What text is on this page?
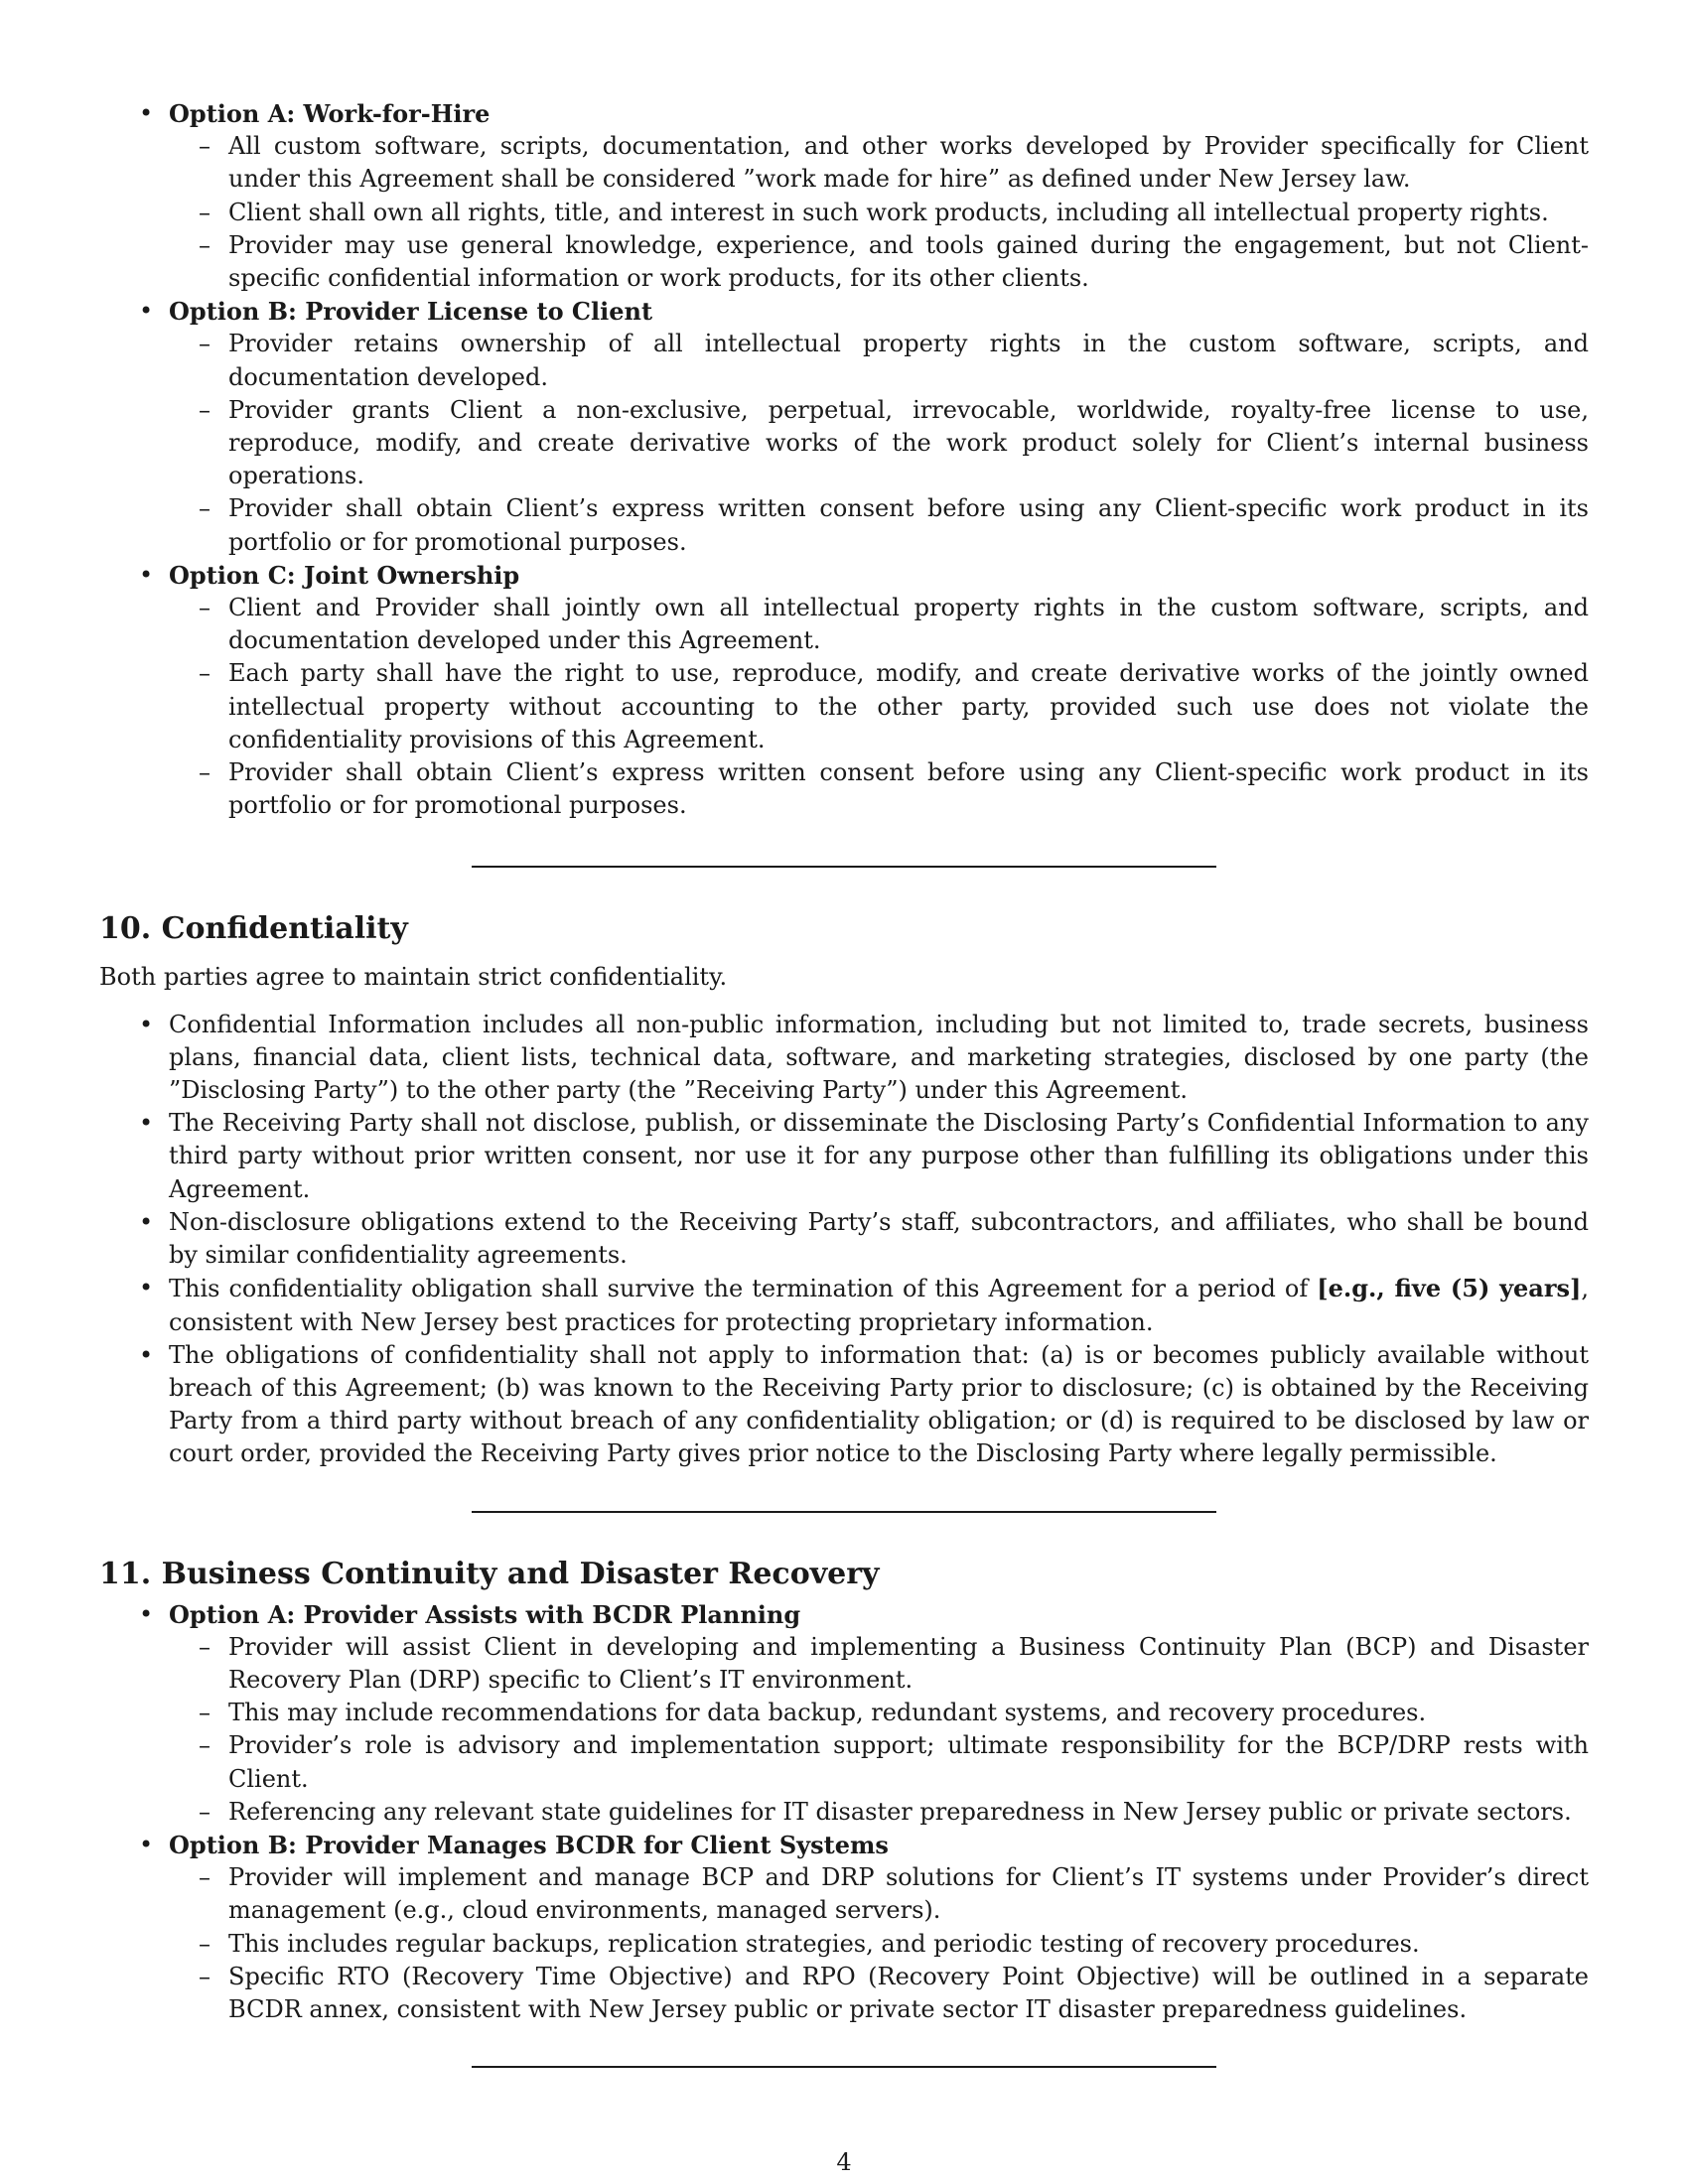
• Option A: Work-for-Hire
– All custom software, scripts, documentation, and other works developed by Provider specifically for Client under this Agreement shall be considered ”work made for hire” as defined under New Jersey law.
– Client shall own all rights, title, and interest in such work products, including all intellectual property rights.
– Provider may use general knowledge, experience, and tools gained during the engagement, but not Client-specific confidential information or work products, for its other clients.
• Option B: Provider License to Client
– Provider retains ownership of all intellectual property rights in the custom software, scripts, and documentation developed.
– Provider grants Client a non-exclusive, perpetual, irrevocable, worldwide, royalty-free license to use, reproduce, modify, and create derivative works of the work product solely for Client’s internal business operations.
– Provider shall obtain Client’s express written consent before using any Client-specific work product in its portfolio or for promotional purposes.
• Option C: Joint Ownership
– Client and Provider shall jointly own all intellectual property rights in the custom software, scripts, and documentation developed under this Agreement.
– Each party shall have the right to use, reproduce, modify, and create derivative works of the jointly owned intellectual property without accounting to the other party, provided such use does not violate the confidentiality provisions of this Agreement.
– Provider shall obtain Client’s express written consent before using any Client-specific work product in its portfolio or for promotional purposes.
10. Confidentiality

Both parties agree to maintain strict confidentiality.

• Confidential Information includes all non-public information, including but not limited to, trade secrets, business plans, financial data, client lists, technical data, software, and marketing strategies, disclosed by one party (the ”Disclosing Party”) to the other party (the ”Receiving Party”) under this Agreement.
• The Receiving Party shall not disclose, publish, or disseminate the Disclosing Party’s Confidential Information to any third party without prior written consent, nor use it for any purpose other than fulfilling its obligations under this Agreement.
• Non-disclosure obligations extend to the Receiving Party’s staff, subcontractors, and affiliates, who shall be bound by similar confidentiality agreements.
• This confidentiality obligation shall survive the termination of this Agreement for a period of [e.g., five (5) years], consistent with New Jersey best practices for protecting proprietary information.
• The obligations of confidentiality shall not apply to information that: (a) is or becomes publicly available without breach of this Agreement; (b) was known to the Receiving Party prior to disclosure; (c) is obtained by the Receiving Party from a third party without breach of any confidentiality obligation; or (d) is required to be disclosed by law or court order, provided the Receiving Party gives prior notice to the Disclosing Party where legally permissible.
11. Business Continuity and Disaster Recovery
• Option A: Provider Assists with BCDR Planning
– Provider will assist Client in developing and implementing a Business Continuity Plan (BCP) and Disaster Recovery Plan (DRP) specific to Client’s IT environment.
– This may include recommendations for data backup, redundant systems, and recovery procedures.
– Provider’s role is advisory and implementation support; ultimate responsibility for the BCP/DRP rests with Client.
– Referencing any relevant state guidelines for IT disaster preparedness in New Jersey public or private sectors.
• Option B: Provider Manages BCDR for Client Systems
– Provider will implement and manage BCP and DRP solutions for Client’s IT systems under Provider’s direct management (e.g., cloud environments, managed servers).
– This includes regular backups, replication strategies, and periodic testing of recovery procedures.
– Specific RTO (Recovery Time Objective) and RPO (Recovery Point Objective) will be outlined in a separate BCDR annex, consistent with New Jersey public or private sector IT disaster preparedness guidelines.
4
